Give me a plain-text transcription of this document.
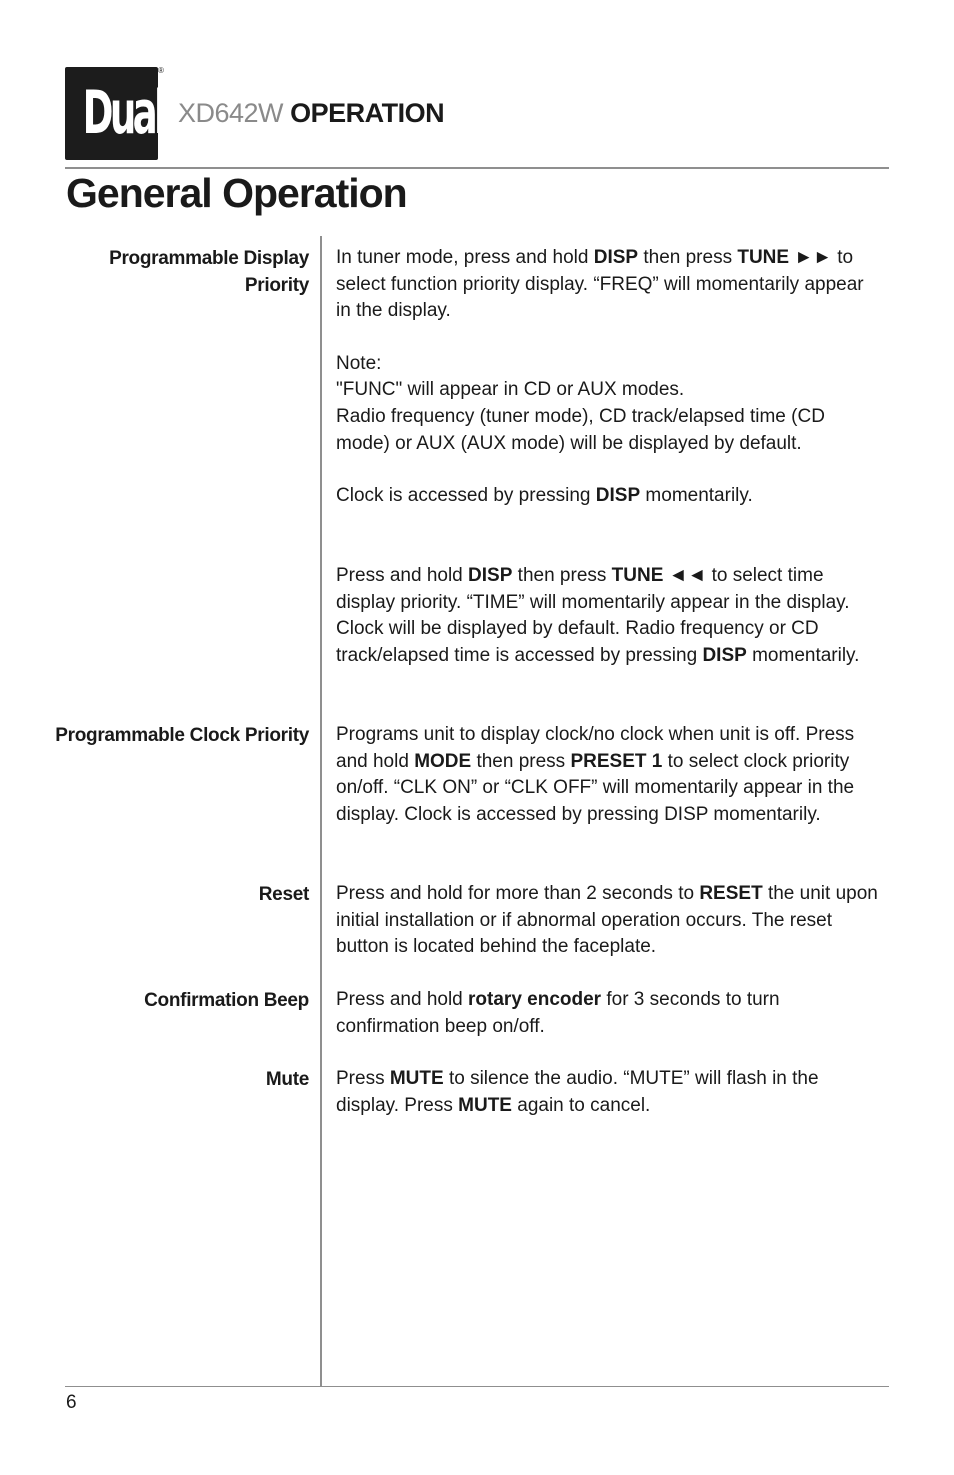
Dual
®
XD642W OPERATION
General Operation
Programmable Display Priority
Programmable Clock Priority
Reset
Confirmation Beep
Mute

In tuner mode, press and hold DISP then press TUNE ►► to select function priority display. “FREQ” will momentarily appear in the display.

Note:

"FUNC" will appear in CD or AUX modes.

Radio frequency (tuner mode), CD track/elapsed time (CD mode) or AUX (AUX mode) will be displayed by default.

Clock is accessed by pressing DISP momentarily.

Press and hold DISP then press TUNE ◄◄ to select time display priority. “TIME” will momentarily appear in the display. Clock will be displayed by default. Radio frequency or CD track/elapsed time is accessed by pressing DISP momentarily.

Programs unit to display clock/no clock when unit is off. Press and hold MODE then press PRESET 1 to select clock priority on/off. “CLK ON” or “CLK OFF” will momentarily appear in the display. Clock is accessed by pressing DISP momentarily.

Press and hold for more than 2 seconds to RESET the unit upon initial installation or if abnormal operation occurs. The reset button is located behind the faceplate.

Press and hold rotary encoder for 3 seconds to turn confirmation beep on/off.

Press MUTE to silence the audio. “MUTE” will flash in the display. Press MUTE again to cancel.

6
